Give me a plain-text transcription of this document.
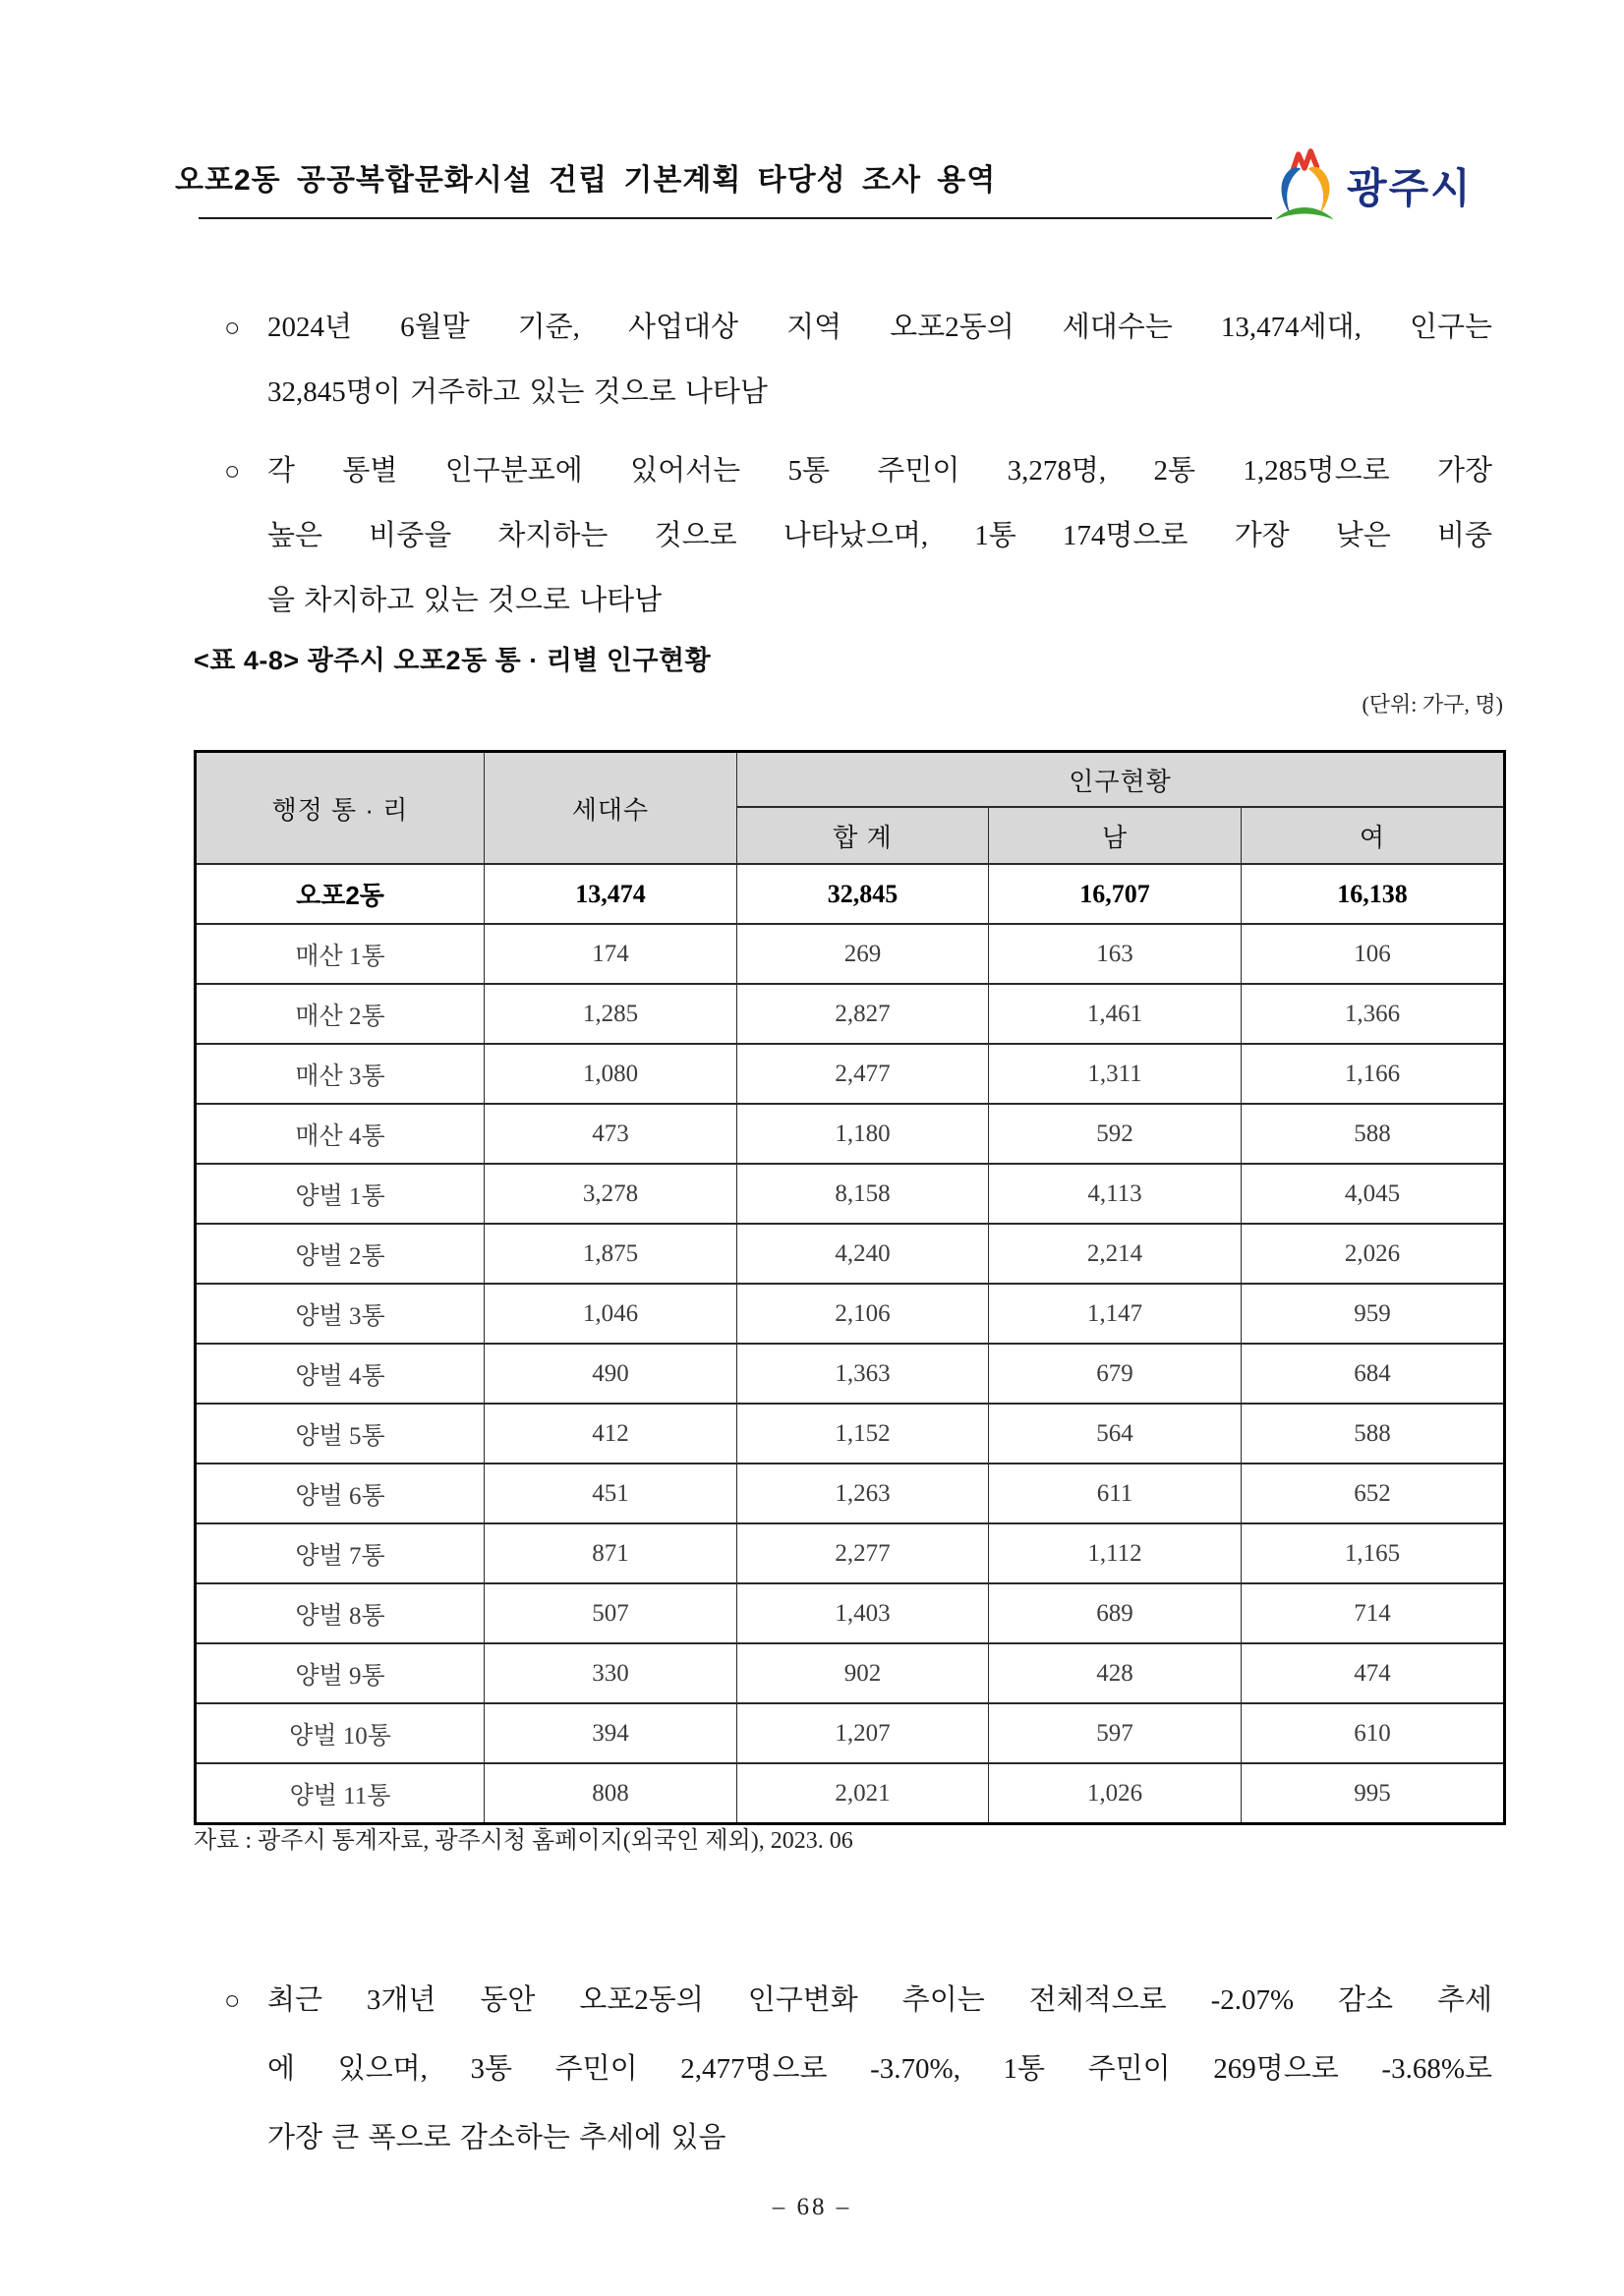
오포2동 공공복합문화시설 건립 기본계획 타당성 조사 용역	광주시
○ 2024년 6월말 기준, 사업대상 지역 오포2동의 세대수는 13,474세대, 인구는
32,845명이 거주하고 있는 것으로 나타남
○ 각 통별 인구분포에 있어서는 5통 주민이 3,278명, 2통 1,285명으로 가장
높은 비중을 차지하는 것으로 나타났으며, 1통 174명으로 가장 낮은 비중
을 차지하고 있는 것으로 나타남
<표 4-8> 광주시 오포2동 통 · 리별 인구현황
(단위: 가구, 명)
행정 통 · 리	세대수	인구현황		
		합 계	남	여
오포2동	13,474	32,845	16,707	16,138
매산 1통	174	269	163	106
매산 2통	1,285	2,827	1,461	1,366
매산 3통	1,080	2,477	1,311	1,166
매산 4통	473	1,180	592	588
양벌 1통	3,278	8,158	4,113	4,045
양벌 2통	1,875	4,240	2,214	2,026
양벌 3통	1,046	2,106	1,147	959
양벌 4통	490	1,363	679	684
양벌 5통	412	1,152	564	588
양벌 6통	451	1,263	611	652
양벌 7통	871	2,277	1,112	1,165
양벌 8통	507	1,403	689	714
양벌 9통	330	902	428	474
양벌 10통	394	1,207	597	610
양벌 11통	808	2,021	1,026	995
자료 : 광주시 통계자료, 광주시청 홈페이지(외국인 제외), 2023. 06
○ 최근 3개년 동안 오포2동의 인구변화 추이는 전체적으로 -2.07% 감소 추세
에 있으며, 3통 주민이 2,477명으로 -3.70%, 1통 주민이 269명으로 -3.68%로
가장 큰 폭으로 감소하는 추세에 있음
– 68 –
